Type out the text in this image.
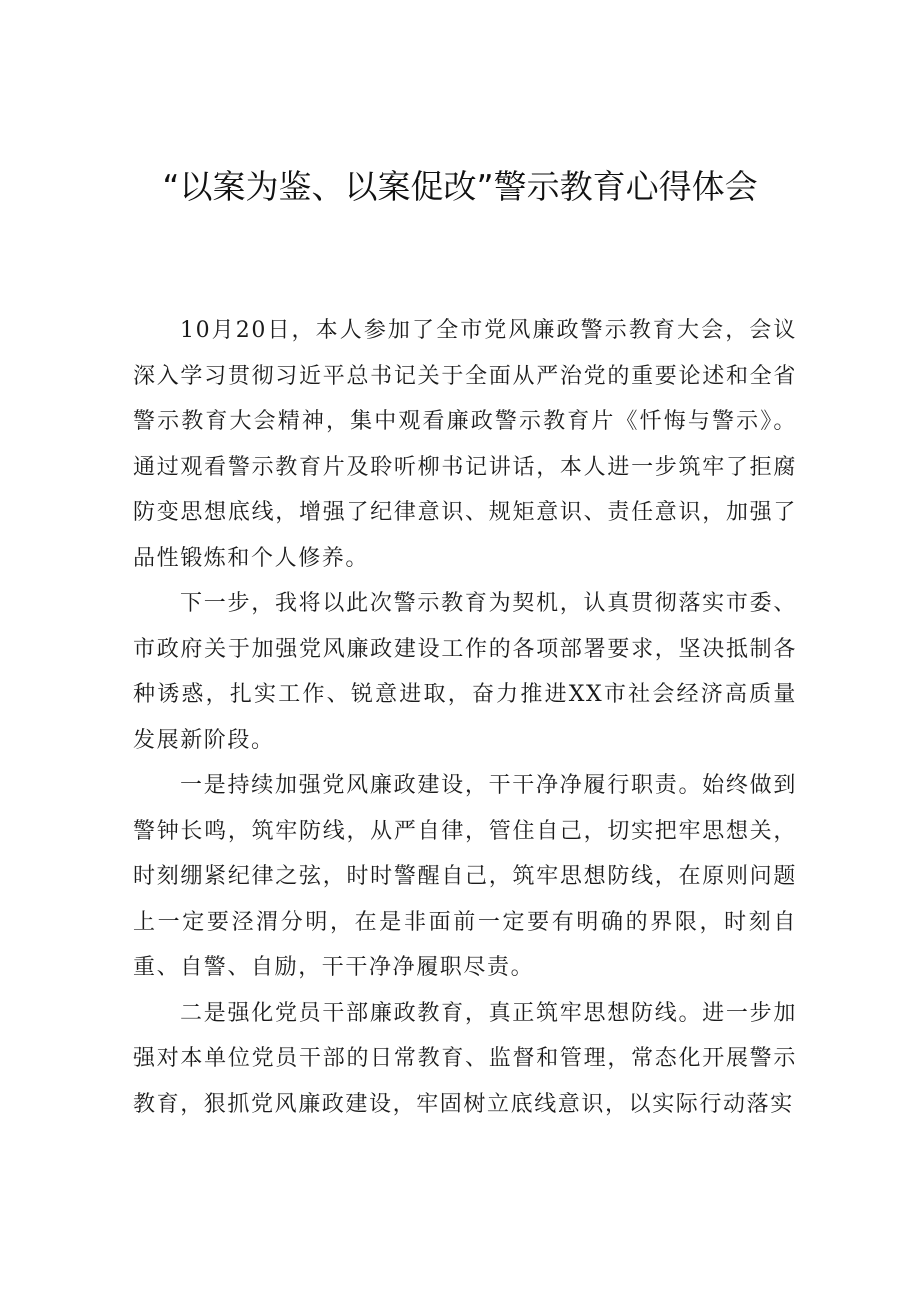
“以案为鉴、以案促改”警示教育心得体会

10月20日，本人参加了全市党风廉政警示教育大会，会议深入学习贯彻习近平总书记关于全面从严治党的重要论述和全省警示教育大会精神，集中观看廉政警示教育片《忏悔与警示》。通过观看警示教育片及聆听柳书记讲话，本人进一步筑牢了拒腐防变思想底线，增强了纪律意识、规矩意识、责任意识，加强了品性锻炼和个人修养。

下一步，我将以此次警示教育为契机，认真贯彻落实市委、市政府关于加强党风廉政建设工作的各项部署要求，坚决抵制各种诱惑，扎实工作、锐意进取，奋力推进XX市社会经济高质量发展新阶段。

一是持续加强党风廉政建设，干干净净履行职责。始终做到警钟长鸣，筑牢防线，从严自律，管住自己，切实把牢思想关，时刻绷紧纪律之弦，时时警醒自己，筑牢思想防线，在原则问题上一定要泾渭分明，在是非面前一定要有明确的界限，时刻自重、自警、自励，干干净净履职尽责。

二是强化党员干部廉政教育，真正筑牢思想防线。进一步加强对本单位党员干部的日常教育、监督和管理，常态化开展警示教育，狠抓党风廉政建设，牢固树立底线意识，以实际行动落实
